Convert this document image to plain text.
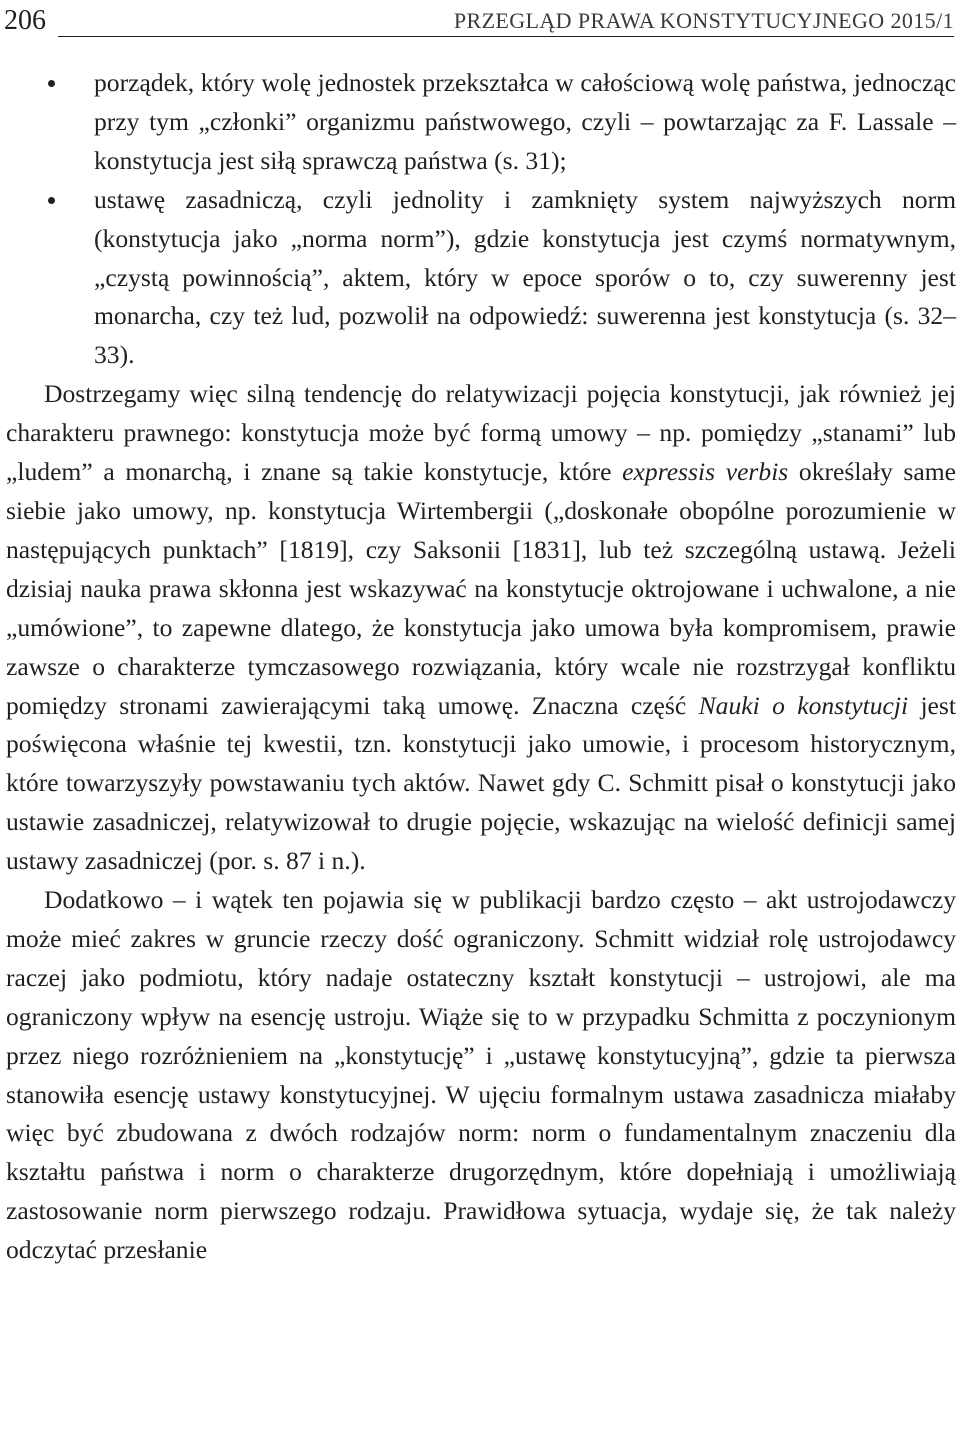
206	PRZEGLĄD PRAWA KONSTYTUCYJNEGO 2015/1
porządek, który wolę jednostek przekształca w całościową wolę państwa, jednocząc przy tym „członki” organizmu państwowego, czyli – powtarzając za F. Lassale – konstytucja jest siłą sprawczą państwa (s. 31);
ustawę zasadniczą, czyli jednolity i zamknięty system najwyższych norm (konstytucja jako „norma norm”), gdzie konstytucja jest czymś normatywnym, „czystą powinnością”, aktem, który w epoce sporów o to, czy suwerenny jest monarcha, czy też lud, pozwolił na odpowiedź: suwerenna jest konstytucja (s. 32–33).

Dostrzegamy więc silną tendencję do relatywizacji pojęcia konstytucji, jak również jej charakteru prawnego: konstytucja może być formą umowy – np. pomiędzy „stanami” lub „ludem” a monarchą, i znane są takie konstytucje, które expressis verbis określały same siebie jako umowy, np. konstytucja Wirtembergii („doskonałe obopólne porozumienie w następujących punktach” [1819], czy Saksonii [1831], lub też szczególną ustawą. Jeżeli dzisiaj nauka prawa skłonna jest wskazywać na konstytucje oktrojowane i uchwalone, a nie „umówione”, to zapewne dlatego, że konstytucja jako umowa była kompromisem, prawie zawsze o charakterze tymczasowego rozwiązania, który wcale nie rozstrzygał konfliktu pomiędzy stronami zawierającymi taką umowę. Znaczna część Nauki o konstytucji jest poświęcona właśnie tej kwestii, tzn. konstytucji jako umowie, i procesom historycznym, które towarzyszyły powstawaniu tych aktów. Nawet gdy C. Schmitt pisał o konstytucji jako ustawie zasadniczej, relatywizował to drugie pojęcie, wskazując na wielość definicji samej ustawy zasadniczej (por. s. 87 i n.).

Dodatkowo – i wątek ten pojawia się w publikacji bardzo często – akt ustrojodawczy może mieć zakres w gruncie rzeczy dość ograniczony. Schmitt widział rolę ustrojodawcy raczej jako podmiotu, który nadaje ostateczny kształt konstytucji – ustrojowi, ale ma ograniczony wpływ na esencję ustroju. Wiąże się to w przypadku Schmitta z poczynionym przez niego rozróżnieniem na „konstytucję” i „ustawę konstytucyjną”, gdzie ta pierwsza stanowiła esencję ustawy konstytucyjnej. W ujęciu formalnym ustawa zasadnicza miałaby więc być zbudowana z dwóch rodzajów norm: norm o fundamentalnym znaczeniu dla kształtu państwa i norm o charakterze drugorzędnym, które dopełniają i umożliwiają zastosowanie norm pierwszego rodzaju. Prawidłowa sytuacja, wydaje się, że tak należy odczytać przesłanie
